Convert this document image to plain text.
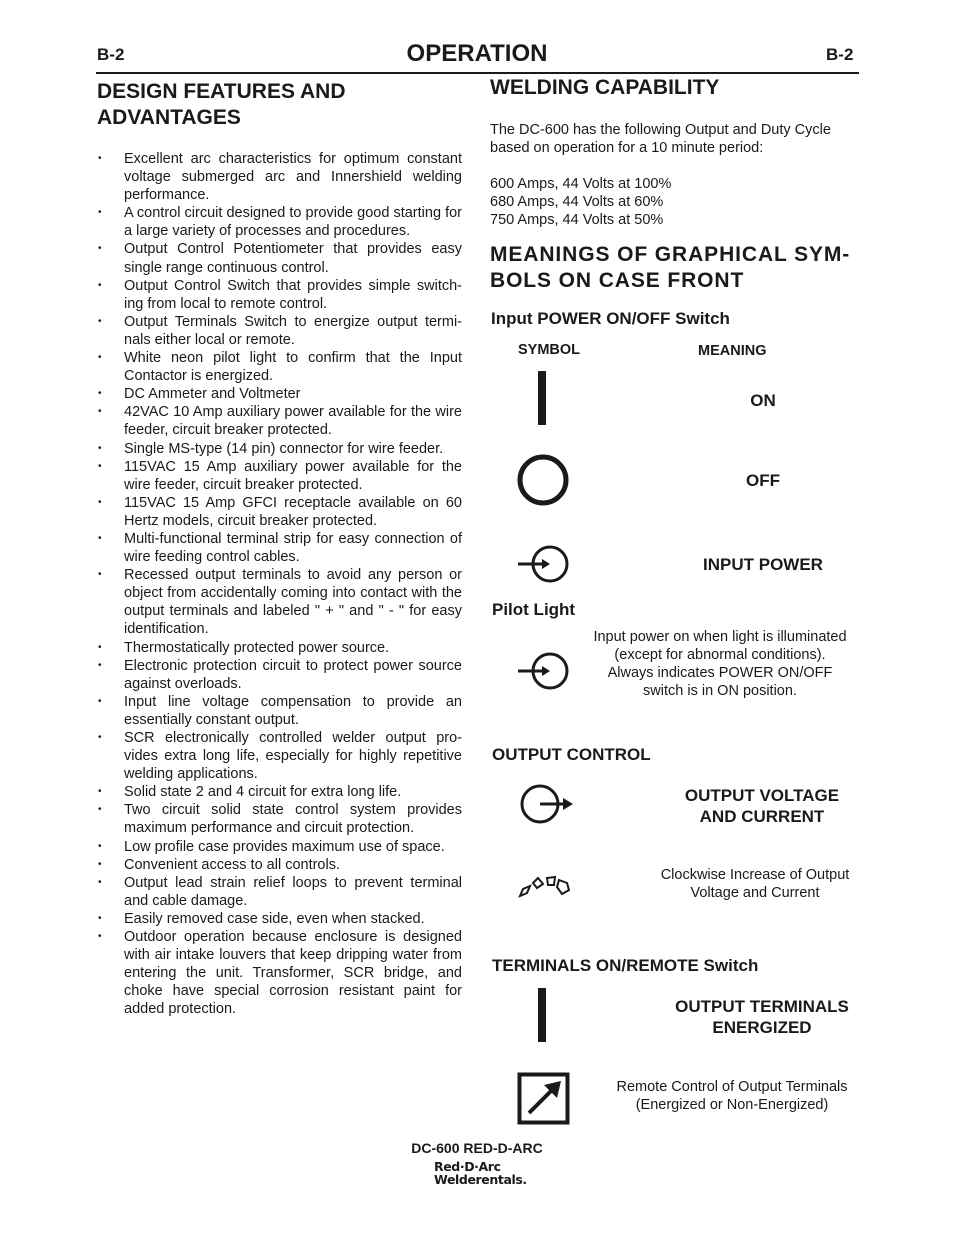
B-2	OPERATION	B-2
DESIGN FEATURES AND
ADVANTAGES
• Excellent arc characteristics for optimum constant voltage submerged arc and Innershield welding performance.
• A control circuit designed to provide good starting for a large variety of processes and procedures.
• Output Control Potentiometer that provides easy single range continuous control.
• Output Control Switch that provides simple switch-ing from local to remote control.
• Output Terminals Switch to energize output termi-nals either local or remote.
• White neon pilot light to confirm that the Input Contactor is energized.
• DC Ammeter and Voltmeter
• 42VAC 10 Amp auxiliary power available for the wire feeder, circuit breaker protected.
• Single MS-type (14 pin) connector for wire feeder.
• 115VAC 15 Amp auxiliary power available for the wire feeder, circuit breaker protected.
• 115VAC 15 Amp GFCI receptacle available on 60 Hertz models, circuit breaker protected.
• Multi-functional terminal strip for easy connection of wire feeding control cables.
• Recessed output terminals to avoid any person or object from accidentally coming into contact with the output terminals and labeled " + " and " - " for easy identification.
• Thermostatically protected power source.
• Electronic protection circuit to protect power source against overloads.
• Input line voltage compensation to provide an essentially constant output.
• SCR electronically controlled welder output pro-vides extra long life, especially for highly repetitive welding applications.
• Solid state 2 and 4 circuit for extra long life.
• Two circuit solid state control system provides maximum performance and circuit protection.
• Low profile case provides maximum use of space.
• Convenient access to all controls.
• Output lead strain relief loops to prevent terminal and cable damage.
• Easily removed case side, even when stacked.
• Outdoor operation because enclosure is designed with air intake louvers that keep dripping water from entering the unit. Transformer, SCR bridge, and choke have special corrosion resistant paint for added protection.
WELDING CAPABILITY
The DC-600 has the following Output and Duty Cycle based on operation for a 10 minute period:
600 Amps, 44 Volts at 100%
680 Amps, 44 Volts at 60%
750 Amps, 44 Volts at 50%
MEANINGS OF GRAPHICAL SYM-
BOLS ON CASE FRONT
Input POWER ON/OFF Switch
SYMBOL	MEANING
ON
OFF
INPUT POWER
Pilot Light
Input power on when light is illuminated
(except for abnormal conditions).
Always indicates POWER ON/OFF
switch is in ON position.
OUTPUT CONTROL
OUTPUT VOLTAGE
AND CURRENT
Clockwise Increase of Output
Voltage and Current
TERMINALS ON/REMOTE Switch
OUTPUT TERMINALS
ENERGIZED
Remote Control of Output Terminals
(Energized or Non-Energized)
DC-600 RED-D-ARC
Red·D·Arc
Welderentals.
